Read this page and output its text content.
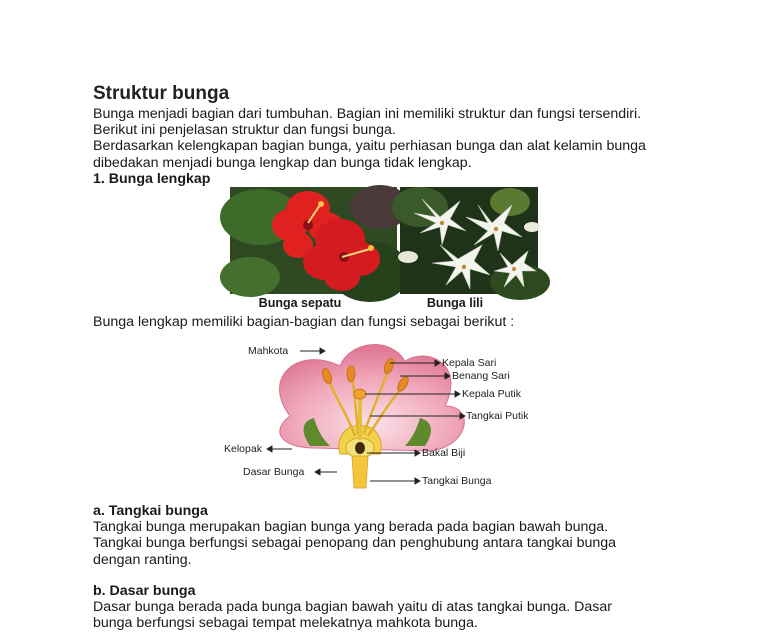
Struktur bunga

Bunga menjadi bagian dari tumbuhan. Bagian ini memiliki struktur dan fungsi tersendiri.

Berikut ini penjelasan struktur dan fungsi bunga.

Berdasarkan kelengkapan bagian bunga, yaitu perhiasan bunga dan alat kelamin bunga

dibedakan menjadi bunga lengkap dan bunga tidak lengkap.

1. Bunga lengkap

Bunga sepatu	Bunga lili

Bunga lengkap memiliki bagian-bagian dan fungsi sebagai berikut :

Mahkota
Kepala Sari
Benang Sari
Kepala Putik
Tangkai Putik
Kelopak	Bakal Biji
Dasar Bunga
Tangkai Bunga

a. Tangkai bunga

Tangkai bunga merupakan bagian bunga yang berada pada bagian bawah bunga.

Tangkai bunga berfungsi sebagai penopang dan penghubung antara tangkai bunga

dengan ranting.

b. Dasar bunga

Dasar bunga berada pada bunga bagian bawah yaitu di atas tangkai bunga. Dasar

bunga berfungsi sebagai tempat melekatnya mahkota bunga.
